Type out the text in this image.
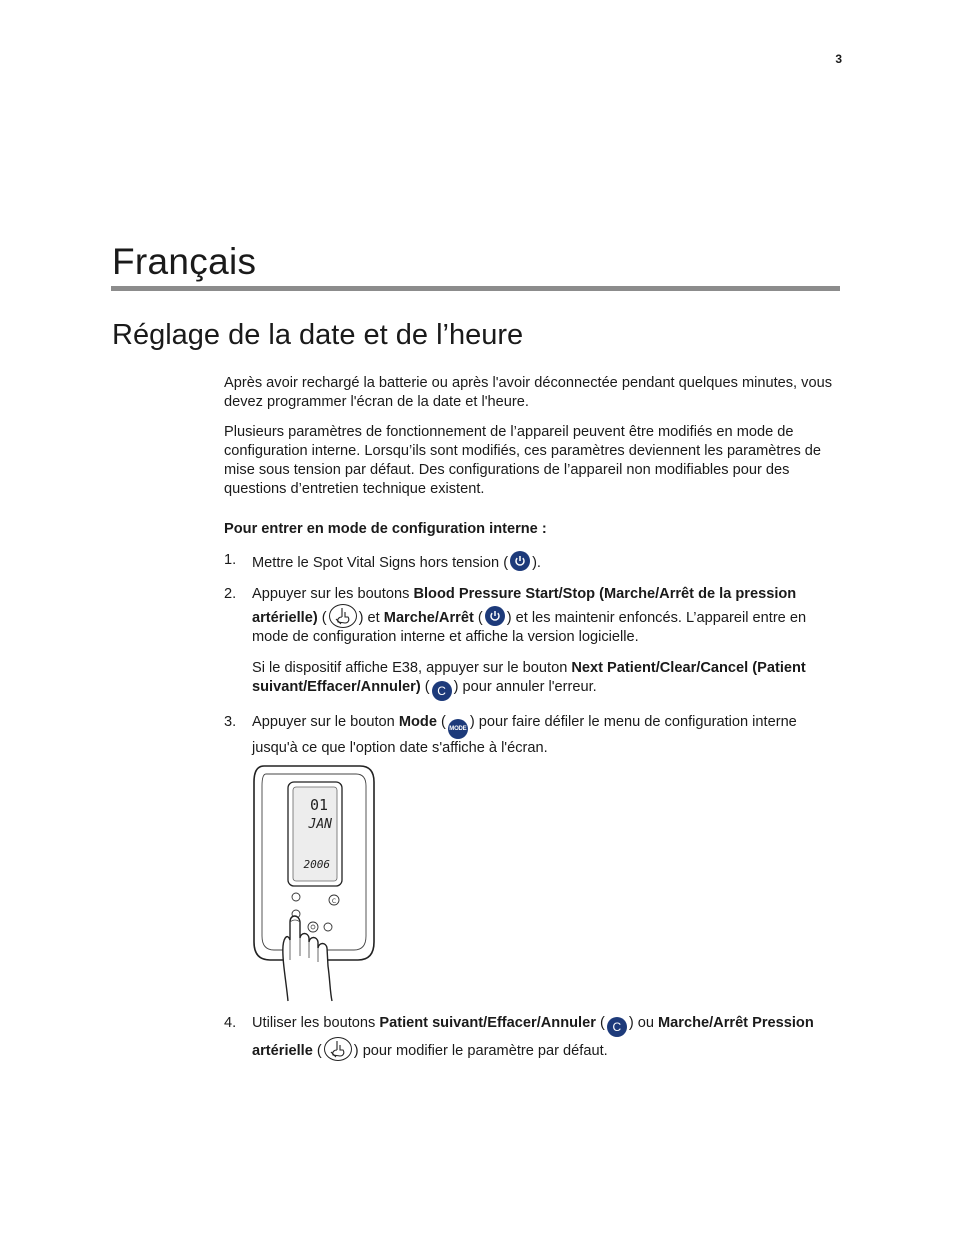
3
Français
Réglage de la date et de l’heure

Après avoir rechargé la batterie ou après l'avoir déconnectée pendant quelques minutes, vous devez programmer l'écran de la date et l'heure.

Plusieurs paramètres de fonctionnement de l’appareil peuvent être modifiés en mode de configuration interne. Lorsqu’ils sont modifiés, ces paramètres deviennent les paramètres de mise sous tension par défaut. Des configurations de l’appareil non modifiables pour des questions d’entretien technique existent.

Pour entrer en mode de configuration interne :

1. Mettre le Spot Vital Signs hors tension ( ).
2. Appuyer sur les boutons Blood Pressure Start/Stop (Marche/Arrêt de la pression artérielle) ( ) et Marche/Arrêt ( ) et les maintenir enfoncés. L’appareil entre en mode de configuration interne et affiche la version logicielle.

Si le dispositif affiche E38, appuyer sur le bouton Next Patient/Clear/Cancel (Patient suivant/Effacer/Annuler) ( C ) pour annuler l'erreur.

3. Appuyer sur le bouton Mode ( MODE ) pour faire défiler le menu de configuration interne jusqu'à ce que l'option date s'affiche à l'écran.
01
JAN
2006
C
4. Utiliser les boutons Patient suivant/Effacer/Annuler ( C ) ou Marche/Arrêt Pression artérielle ( ) pour modifier le paramètre par défaut.
